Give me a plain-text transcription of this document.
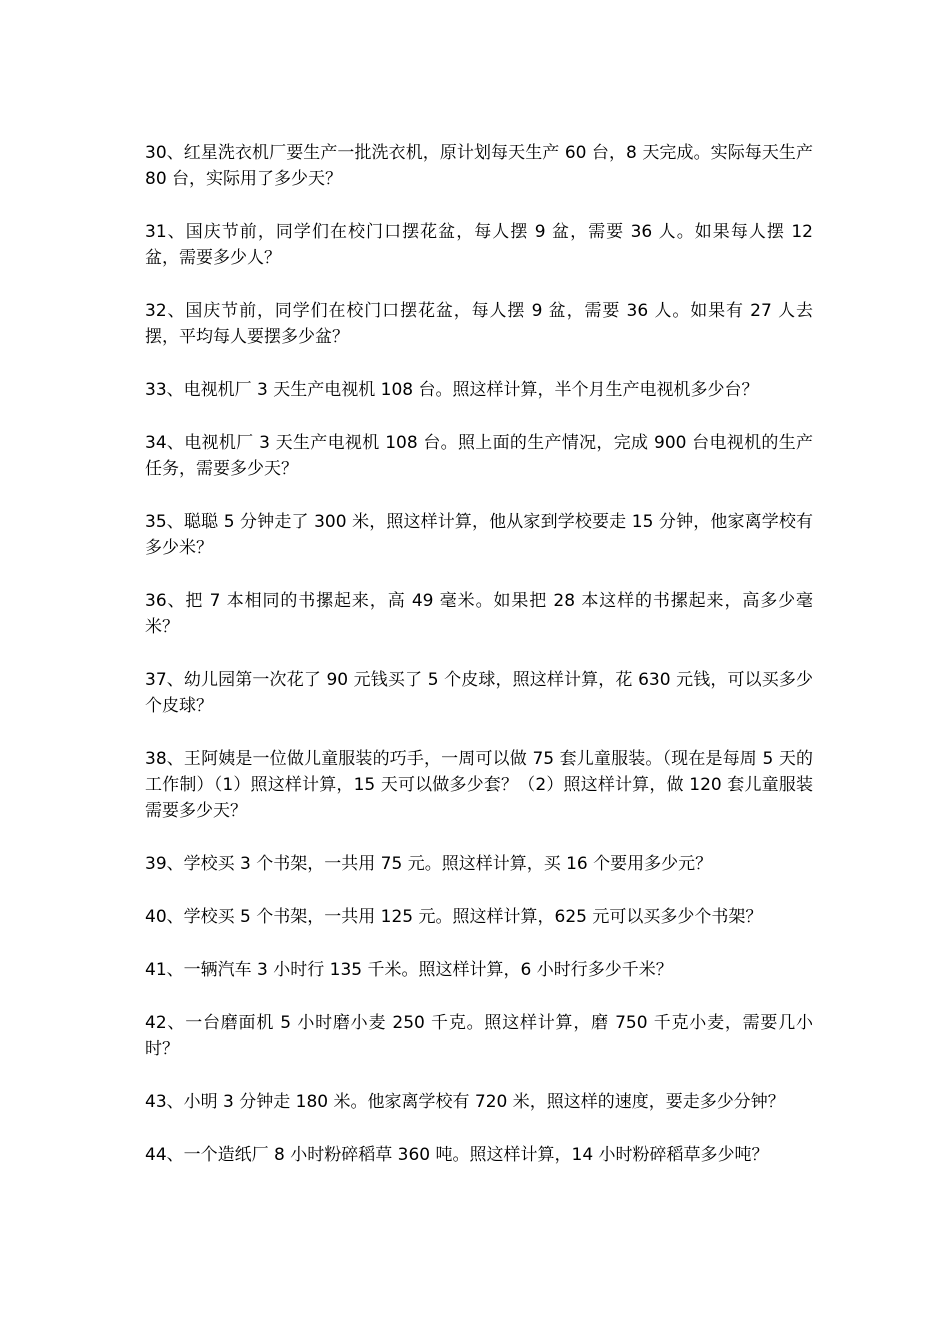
30、红星洗衣机厂要生产一批洗衣机，原计划每天生产 60 台，8 天完成。实际每天生产 80 台，实际用了多少天？

31、国庆节前，同学们在校门口摆花盆，每人摆 9 盆，需要 36 人。如果每人摆 12 盆，需要多少人？

32、国庆节前，同学们在校门口摆花盆，每人摆 9 盆，需要 36 人。如果有 27 人去摆，平均每人要摆多少盆？

33、电视机厂 3 天生产电视机 108 台。照这样计算，半个月生产电视机多少台？

34、电视机厂 3 天生产电视机 108 台。照上面的生产情况，完成 900 台电视机的生产任务，需要多少天？

35、聪聪 5 分钟走了 300 米，照这样计算，他从家到学校要走 15 分钟，他家离学校有多少米？

36、把 7 本相同的书摞起来，高 49 毫米。如果把 28 本这样的书摞起来，高多少毫米？

37、幼儿园第一次花了 90 元钱买了 5 个皮球，照这样计算，花 630 元钱，可以买多少个皮球？

38、王阿姨是一位做儿童服装的巧手，一周可以做 75 套儿童服装。（现在是每周 5 天的工作制）（1）照这样计算，15 天可以做多少套？（2）照这样计算，做 120 套儿童服装需要多少天？

39、学校买 3 个书架，一共用 75 元。照这样计算，买 16 个要用多少元？

40、学校买 5 个书架，一共用 125 元。照这样计算，625 元可以买多少个书架？

41、一辆汽车 3 小时行 135 千米。照这样计算，6 小时行多少千米？

42、一台磨面机 5 小时磨小麦 250 千克。照这样计算，磨 750 千克小麦，需要几小时？

43、小明 3 分钟走 180 米。他家离学校有 720 米，照这样的速度，要走多少分钟？

44、一个造纸厂 8 小时粉碎稻草 360 吨。照这样计算，14 小时粉碎稻草多少吨？
